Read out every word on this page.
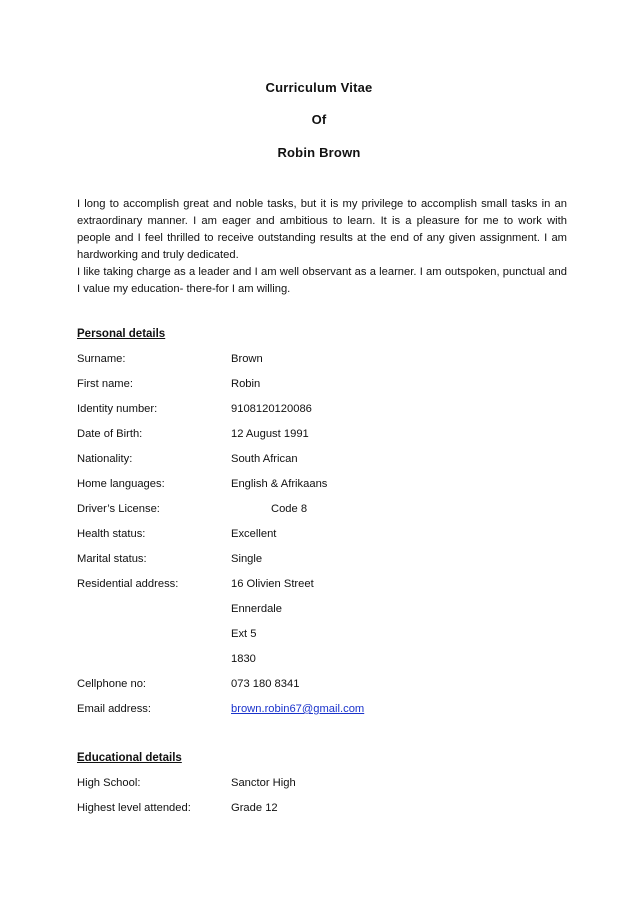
Curriculum Vitae
Of
Robin Brown
I long to accomplish great and noble tasks, but it is my privilege to accomplish small tasks in an extraordinary manner. I am eager and ambitious to learn. It is a pleasure for me to work with people and I feel thrilled to receive outstanding results at the end of any given assignment. I am hardworking and truly dedicated.
I like taking charge as a leader and I am well observant as a learner. I am outspoken, punctual and I value my education- there-for I am willing.
Personal details
Surname:	Brown
First name:	Robin
Identity number:	9108120120086
Date of Birth:	12 August 1991
Nationality:	South African
Home languages:	English & Afrikaans
Driver’s License:	Code 8
Health status:	Excellent
Marital status:	Single
Residential address:	16 Olivien Street
Ennerdale
Ext 5
1830
Cellphone no:	073 180 8341
Email address:	brown.robin67@gmail.com
Educational details
High School:	Sanctor High
Highest level attended:	Grade 12
